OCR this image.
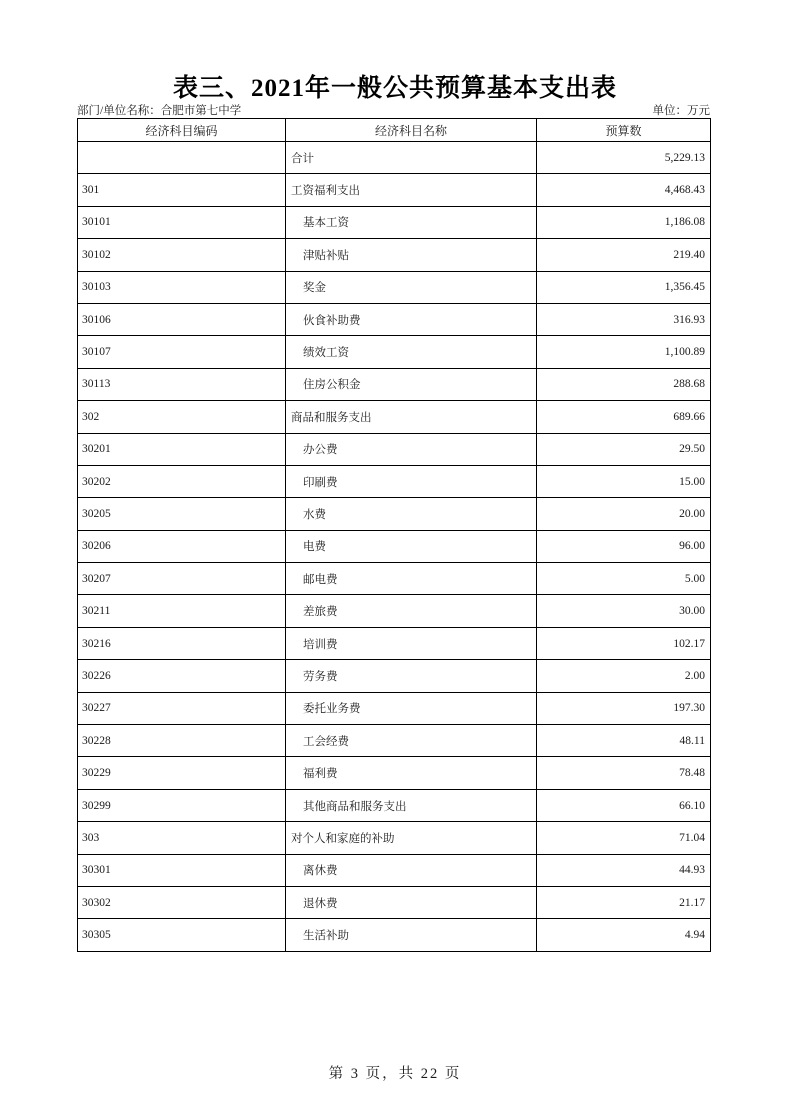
表三、2021年一般公共预算基本支出表
部门/单位名称：合肥市第七中学	单位：万元
经济科目编码	经济科目名称	预算数
	合计	5,229.13
301	工资福利支出	4,468.43
30101	基本工资	1,186.08
30102	津贴补贴	219.40
30103	奖金	1,356.45
30106	伙食补助费	316.93
30107	绩效工资	1,100.89
30113	住房公积金	288.68
302	商品和服务支出	689.66
30201	办公费	29.50
30202	印刷费	15.00
30205	水费	20.00
30206	电费	96.00
30207	邮电费	5.00
30211	差旅费	30.00
30216	培训费	102.17
30226	劳务费	2.00
30227	委托业务费	197.30
30228	工会经费	48.11
30229	福利费	78.48
30299	其他商品和服务支出	66.10
303	对个人和家庭的补助	71.04
30301	离休费	44.93
30302	退休费	21.17
30305	生活补助	4.94
第 3 页，共 22 页
